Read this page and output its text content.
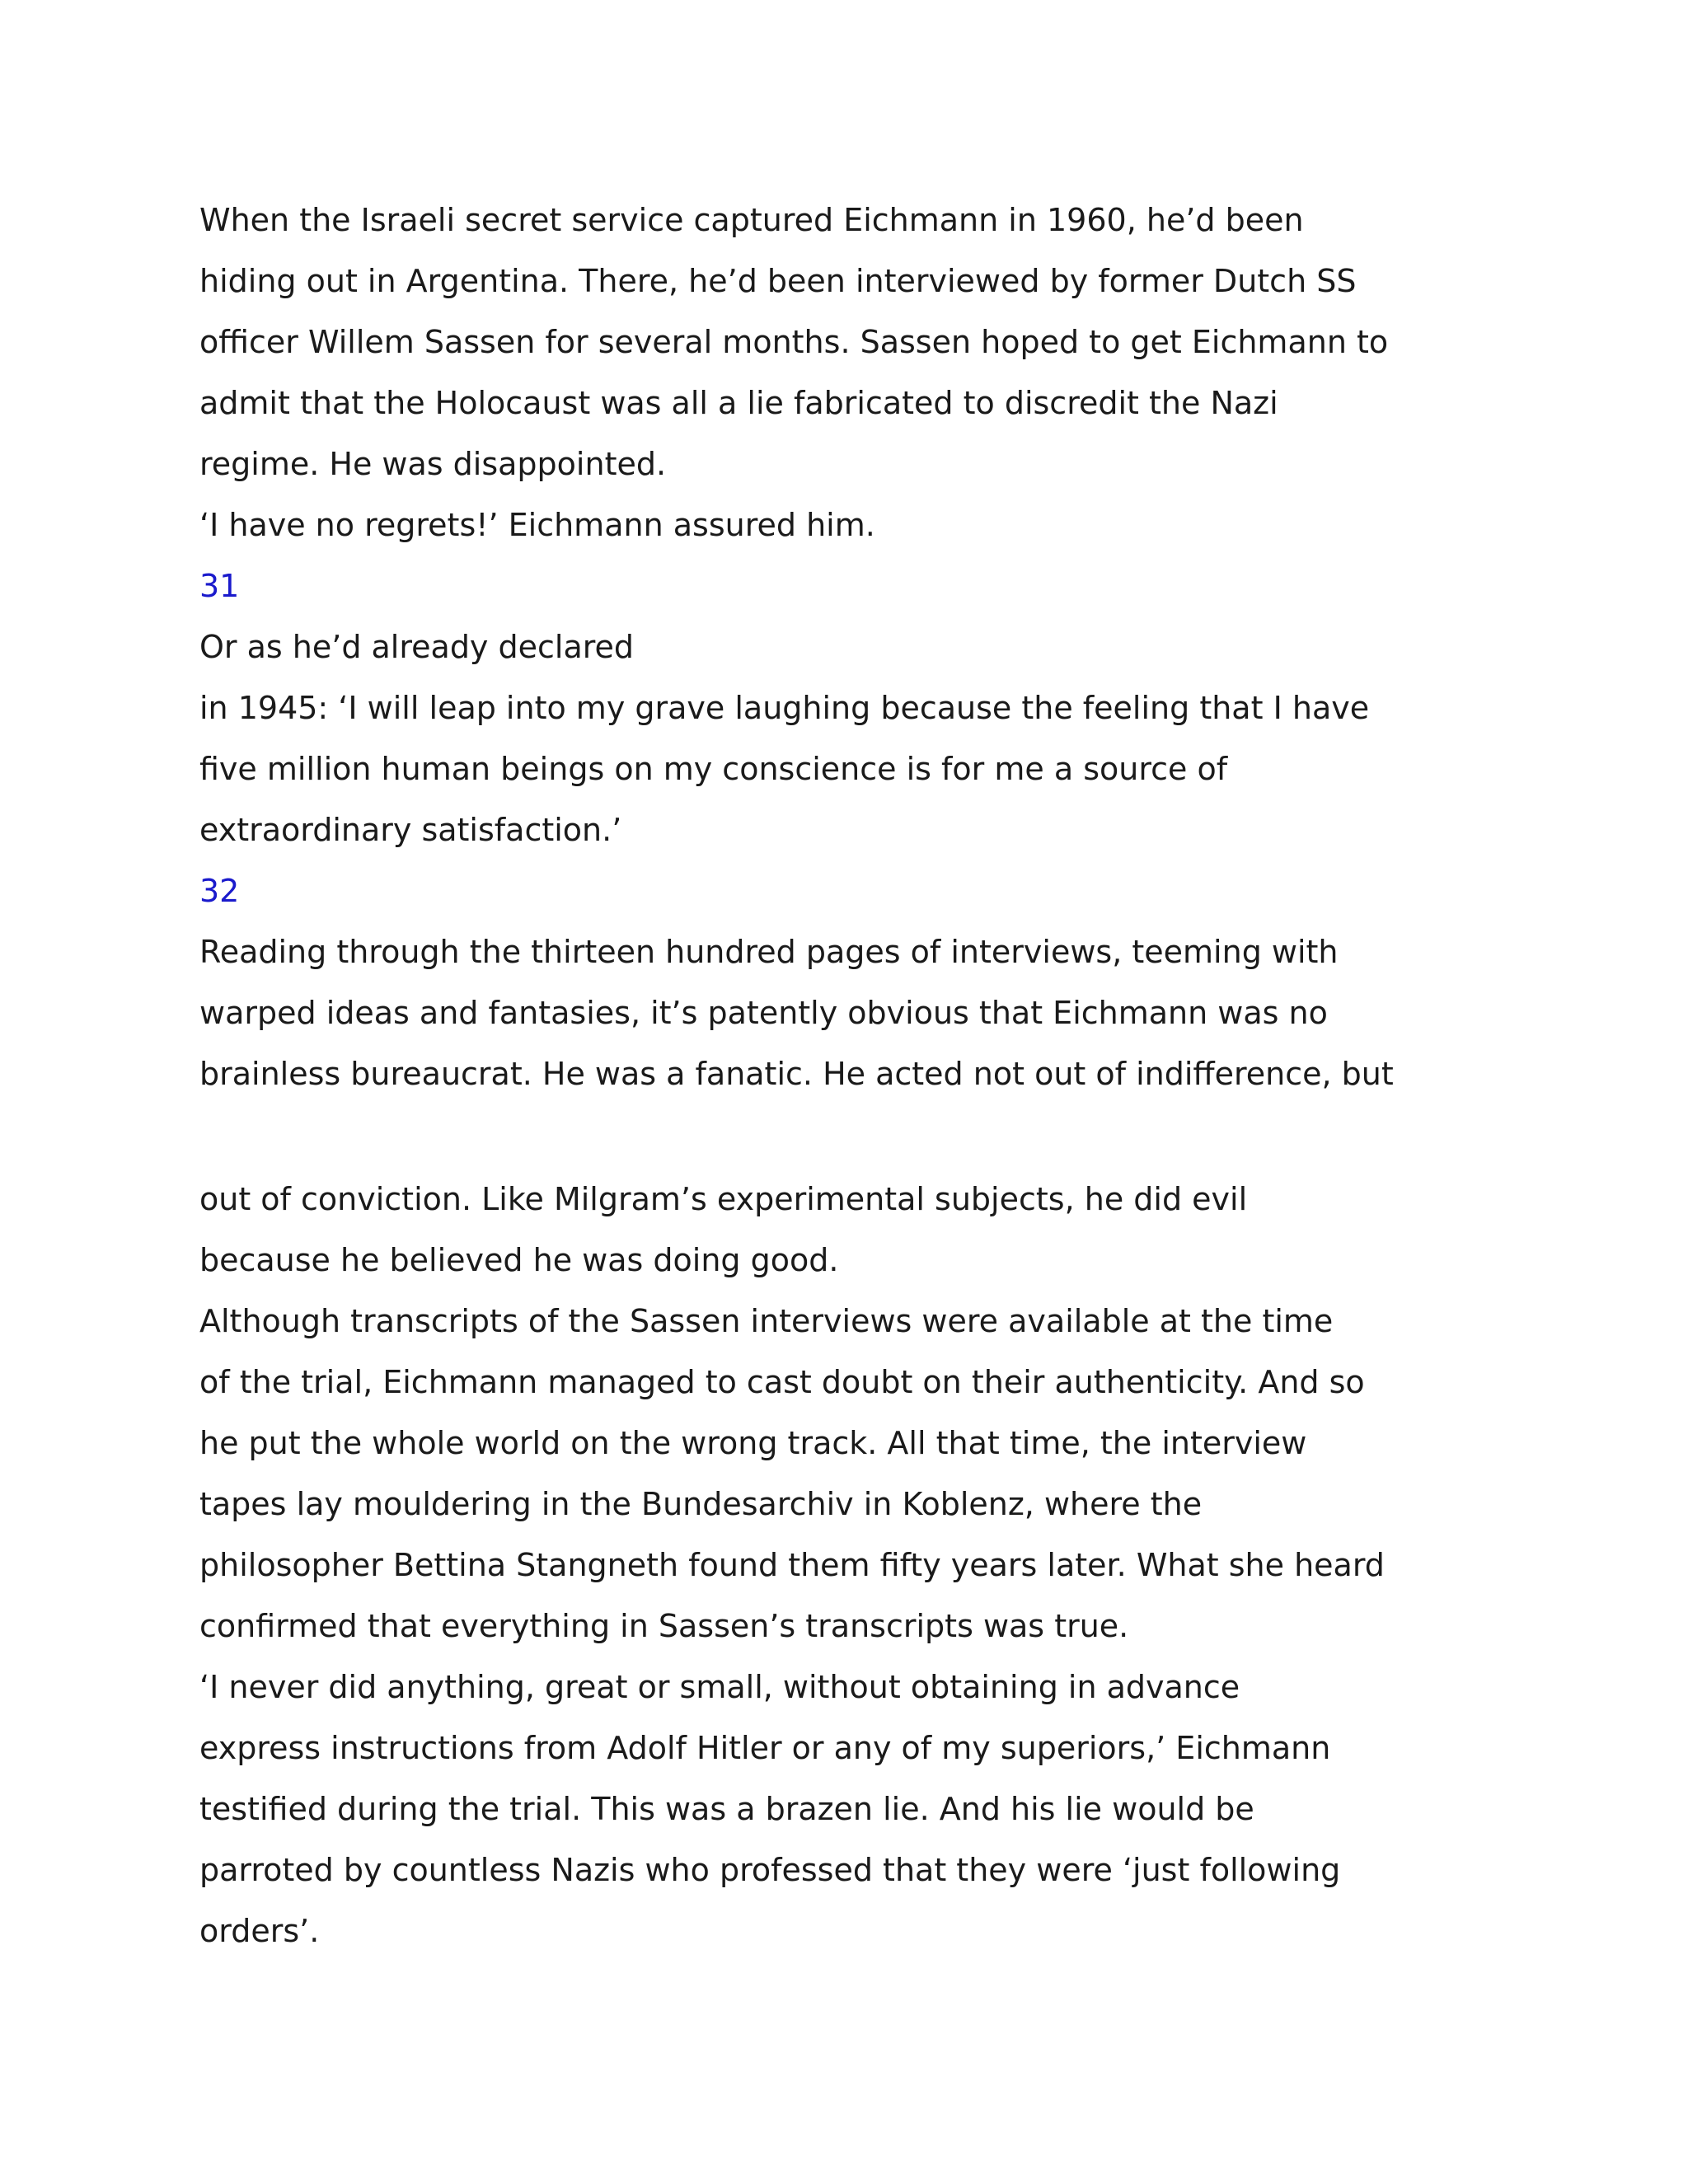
When the Israeli secret service captured Eichmann in 1960, he’d been

hiding out in Argentina. There, he’d been interviewed by former Dutch SS

officer Willem Sassen for several months. Sassen hoped to get Eichmann to

admit that the Holocaust was all a lie fabricated to discredit the Nazi

regime. He was disappointed.

‘I have no regrets!’ Eichmann assured him.

31

Or as he’d already declared

in 1945: ‘I will leap into my grave laughing because the feeling that I have

five million human beings on my conscience is for me a source of

extraordinary satisfaction.’

32

Reading through the thirteen hundred pages of interviews, teeming with

warped ideas and fantasies, it’s patently obvious that Eichmann was no

brainless bureaucrat. He was a fanatic. He acted not out of indifference, but

out of conviction. Like Milgram’s experimental subjects, he did evil

because he believed he was doing good.

Although transcripts of the Sassen interviews were available at the time

of the trial, Eichmann managed to cast doubt on their authenticity. And so

he put the whole world on the wrong track. All that time, the interview

tapes lay mouldering in the Bundesarchiv in Koblenz, where the

philosopher Bettina Stangneth found them fifty years later. What she heard

confirmed that everything in Sassen’s transcripts was true.

‘I never did anything, great or small, without obtaining in advance

express instructions from Adolf Hitler or any of my superiors,’ Eichmann

testified during the trial. This was a brazen lie. And his lie would be

parroted by countless Nazis who professed that they were ‘just following

orders’.
